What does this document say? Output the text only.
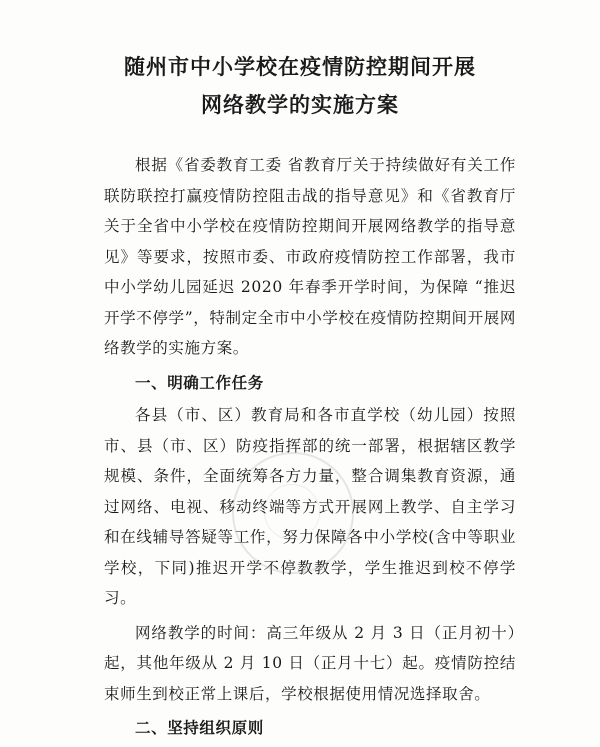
随州市中小学校在疫情防控期间开展
网络教学的实施方案

根据《省委教育工委 省教育厅关于持续做好有关工作联防联控打赢疫情防控阻击战的指导意见》和《省教育厅关于全省中小学校在疫情防控期间开展网络教学的指导意见》等要求，按照市委、市政府疫情防控工作部署，我市中小学幼儿园延迟 2020 年春季开学时间，为保障 “推迟开学不停学”，特制定全市中小学校在疫情防控期间开展网络教学的实施方案。

一、明确工作任务

各县（市、区）教育局和各市直学校（幼儿园）按照市、县（市、区）防疫指挥部的统一部署，根据辖区教学规模、条件，全面统筹各方力量，整合调集教育资源，通过网络、电视、移动终端等方式开展网上教学、自主学习和在线辅导答疑等工作，努力保障各中小学校(含中等职业学校，下同)推迟开学不停教教学，学生推迟到校不停学习。

网络教学的时间：高三年级从 2 月 3 日（正月初十）起，其他年级从 2 月 10 日（正月十七）起。疫情防控结束师生到校正常上课后，学校根据使用情况选择取舍。

二、坚持组织原则
